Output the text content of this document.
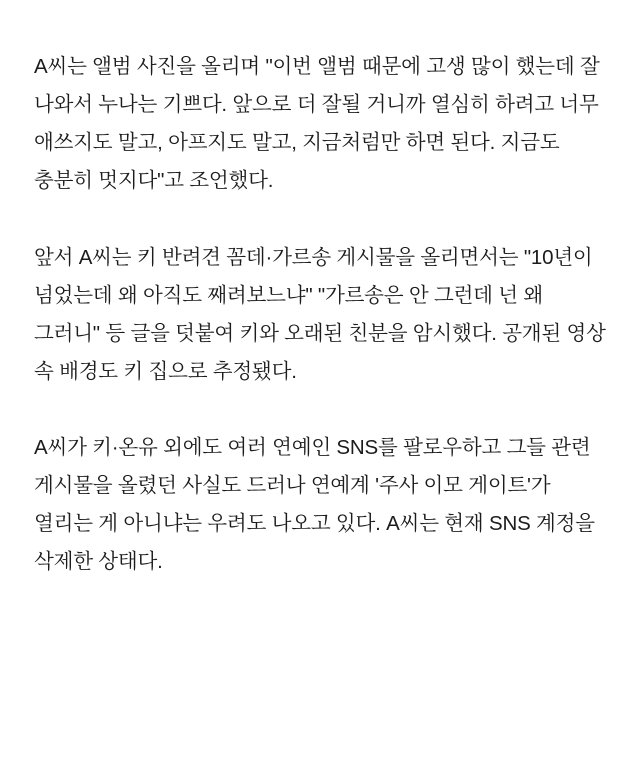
A씨는 앨범 사진을 올리며 "이번 앨범 때문에 고생 많이 했는데 잘 나와서 누나는 기쁘다. 앞으로 더 잘될 거니까 열심히 하려고 너무 애쓰지도 말고, 아프지도 말고, 지금처럼만 하면 된다. 지금도 충분히 멋지다"고 조언했다.

앞서 A씨는 키 반려견 꼼데·가르송 게시물을 올리면서는 "10년이 넘었는데 왜 아직도 째려보느냐" "가르송은 안 그런데 넌 왜 그러니" 등 글을 덧붙여 키와 오래된 친분을 암시했다. 공개된 영상 속 배경도 키 집으로 추정됐다.

A씨가 키·온유 외에도 여러 연예인 SNS를 팔로우하고 그들 관련 게시물을 올렸던 사실도 드러나 연예계 '주사 이모 게이트'가 열리는 게 아니냐는 우려도 나오고 있다. A씨는 현재 SNS 계정을 삭제한 상태다.
